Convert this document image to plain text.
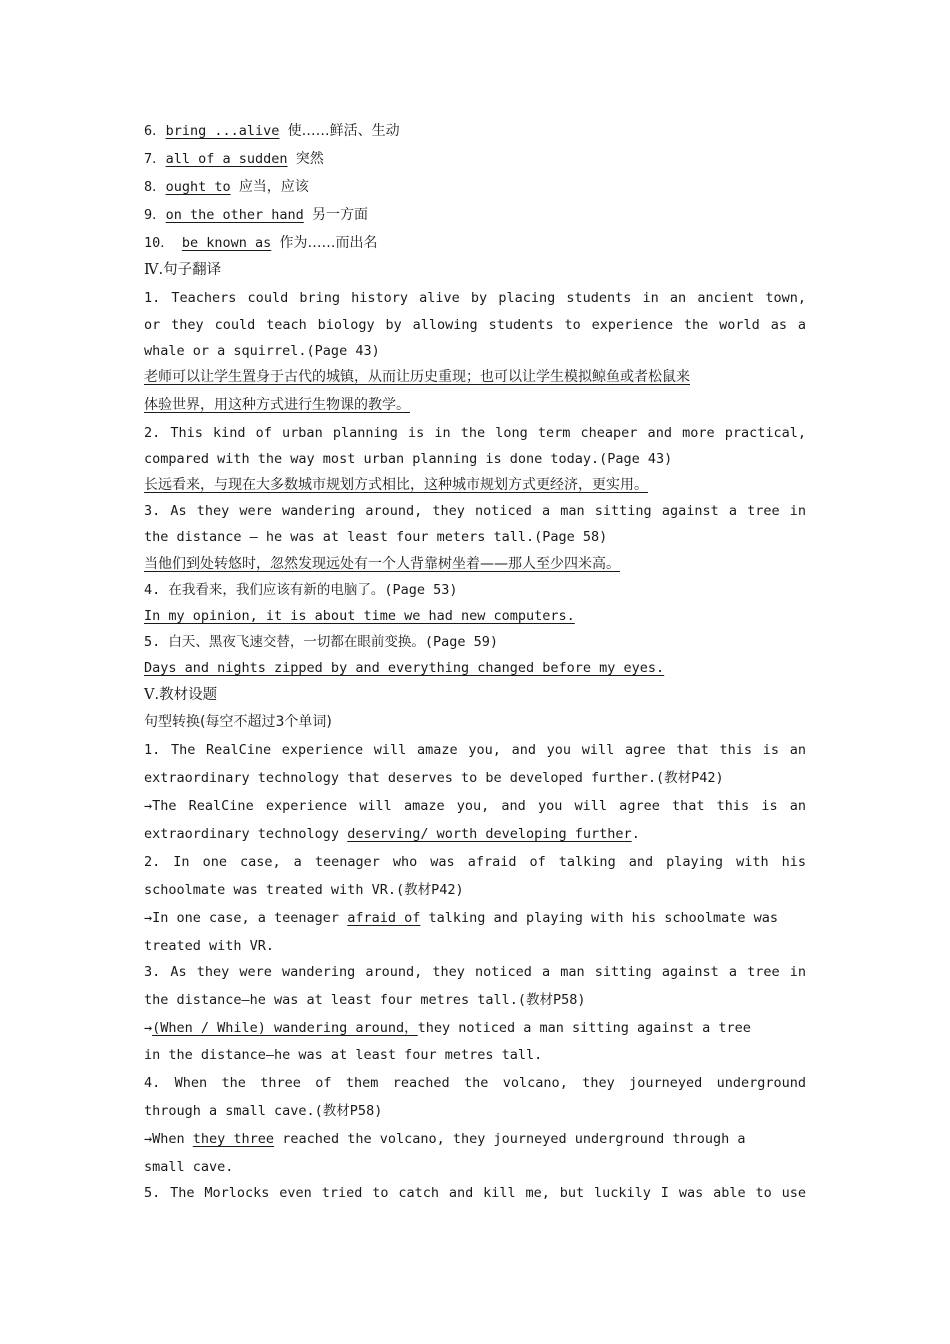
6．bring ...alive 使……鲜活、生动
7．all of a sudden 突然
8．ought to 应当，应该
9．on the other hand 另一方面
10． be known as 作为……而出名
Ⅳ.句子翻译
1. Teachers could bring history alive by placing students in an ancient town,
or they could teach biology by allowing students to experience the world as a
whale or a squirrel.(Page 43)
老师可以让学生置身于古代的城镇，从而让历史重现；也可以让学生模拟鲸鱼或者松鼠来
体验世界，用这种方式进行生物课的教学。
2. This kind of urban planning is in the long term cheaper and more practical,
compared with the way most urban planning is done today.(Page 43)
长远看来，与现在大多数城市规划方式相比，这种城市规划方式更经济，更实用。
3. As they were wandering around, they noticed a man sitting against a tree in
the distance — he was at least four meters tall.(Page 58)
当他们到处转悠时，忽然发现远处有一个人背靠树坐着——那人至少四米高。
4. 在我看来，我们应该有新的电脑了。(Page 53)
In my opinion, it is about time we had new computers.
5. 白天、黑夜飞速交替，一切都在眼前变换。(Page 59)
Days and nights zipped by and everything changed before my eyes.
Ⅴ.教材设题
句型转换(每空不超过3个单词)
1. The RealCine experience will amaze you, and you will agree that this is an
extraordinary technology that deserves to be developed further.(教材P42)
→The RealCine experience will amaze you, and you will agree that this is an
extraordinary technology deserving/ worth developing further.
2. In one case, a teenager who was afraid of talking and playing with his
schoolmate was treated with VR.(教材P42)
→In one case, a teenager afraid of talking and playing with his schoolmate was
treated with VR.
3. As they were wandering around, they noticed a man sitting against a tree in
the distance—he was at least four metres tall.(教材P58)
→(When / While) wandering around，they noticed a man sitting against a tree
in the distance—he was at least four metres tall.
4. When the three of them reached the volcano, they journeyed underground
through a small cave.(教材P58)
→When they three reached the volcano, they journeyed underground through a
small cave.
5. The Morlocks even tried to catch and kill me, but luckily I was able to use
